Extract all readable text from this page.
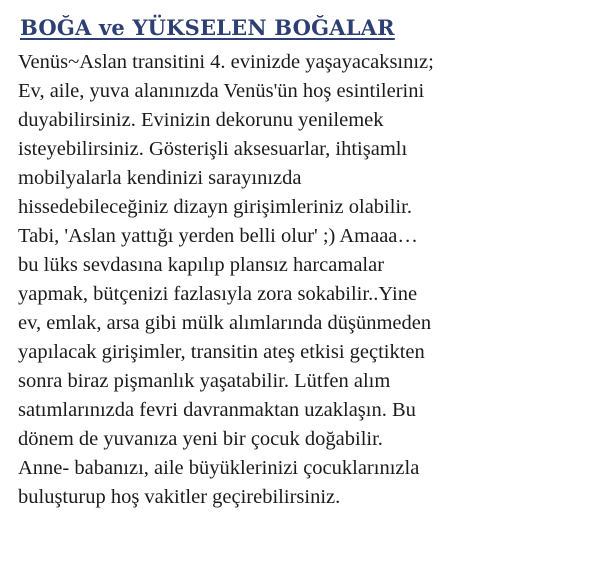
BOĞA ve YÜKSELEN BOĞALAR
Venüs~Aslan transitini 4. evinizde yaşayacaksınız;
Ev, aile, yuva alanınızda Venüs'ün hoş esintilerini
duyabilirsiniz. Evinizin dekorunu yenilemek
isteyebilirsiniz. Gösterişli aksesuarlar, ihtişamlı
mobilyalarla kendinizi sarayınızda
hissedebileceğiniz dizayn girişimleriniz olabilir.
Tabi, 'Aslan yattığı yerden belli olur' ;) Amaaa…
bu lüks sevdasına kapılıp plansız harcamalar
yapmak, bütçenizi fazlasıyla zora sokabilir..Yine
ev, emlak, arsa gibi mülk alımlarında düşünmeden
yapılacak girişimler, transitin ateş etkisi geçtikten
sonra biraz pişmanlık yaşatabilir. Lütfen alım
satımlarınızda fevri davranmaktan uzaklaşın. Bu
dönem de yuvanıza yeni bir çocuk doğabilir.
Anne- babanızı, aile büyüklerinizi çocuklarınızla
buluşturup hoş vakitler geçirebilirsiniz.
